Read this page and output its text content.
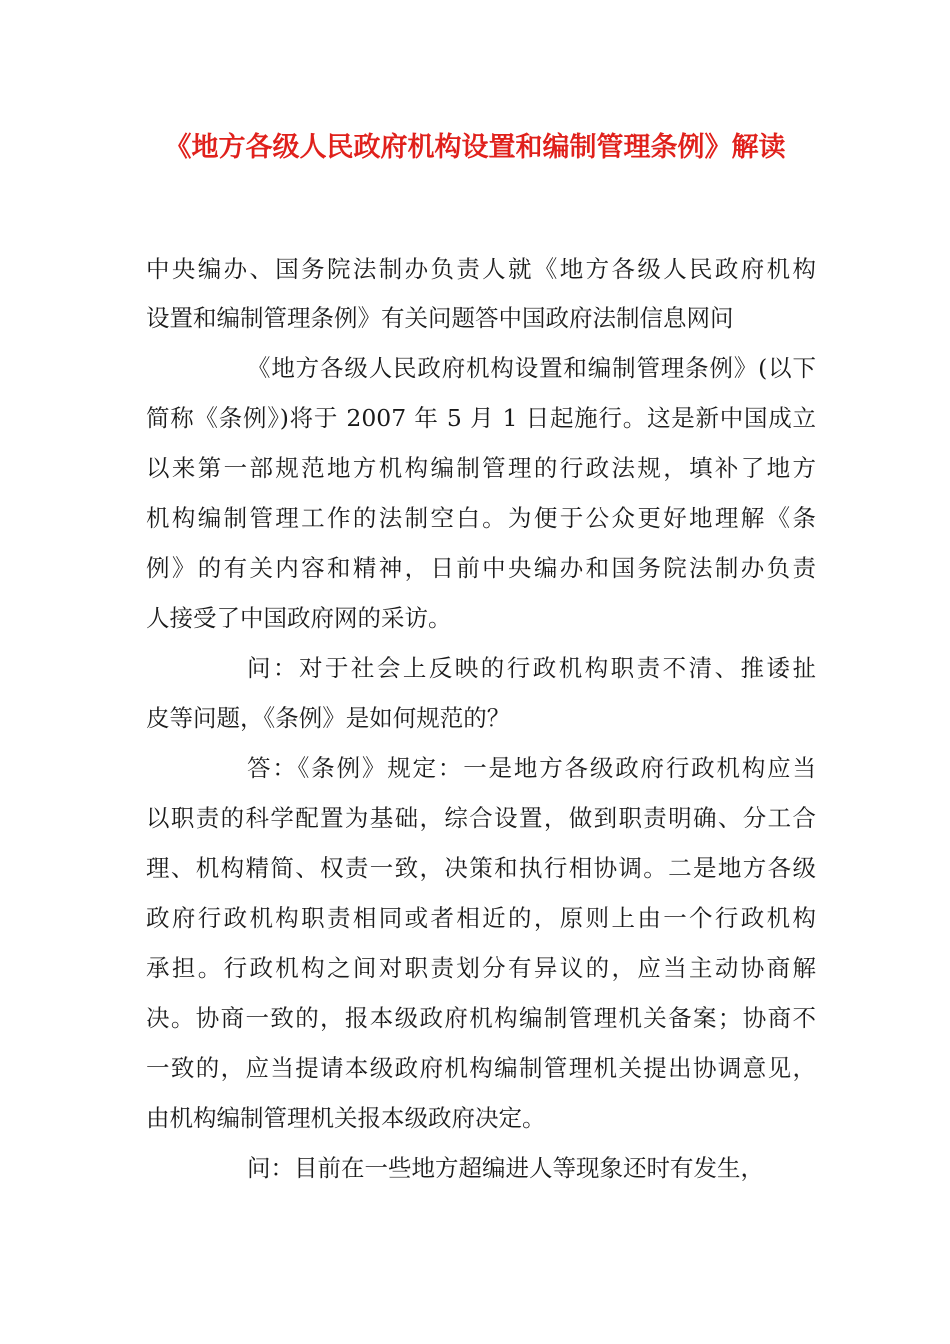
《地方各级人民政府机构设置和编制管理条例》解读
中央编办、国务院法制办负责人就《地方各级人民政府机构
设置和编制管理条例》有关问题答中国政府法制信息网问
《地方各级人民政府机构设置和编制管理条例》(以下
简称《条例》)将于 2007 年 5 月 1 日起施行。这是新中国成立
以来第一部规范地方机构编制管理的行政法规，填补了地方
机构编制管理工作的法制空白。为便于公众更好地理解《条
例》的有关内容和精神，日前中央编办和国务院法制办负责
人接受了中国政府网的采访。
问：对于社会上反映的行政机构职责不清、推诿扯
皮等问题，《条例》是如何规范的？
答：《条例》规定：一是地方各级政府行政机构应当
以职责的科学配置为基础，综合设置，做到职责明确、分工合
理、机构精简、权责一致，决策和执行相协调。二是地方各级
政府行政机构职责相同或者相近的，原则上由一个行政机构
承担。行政机构之间对职责划分有异议的，应当主动协商解
决。协商一致的，报本级政府机构编制管理机关备案；协商不
一致的，应当提请本级政府机构编制管理机关提出协调意见，
由机构编制管理机关报本级政府决定。
问：目前在一些地方超编进人等现象还时有发生，
